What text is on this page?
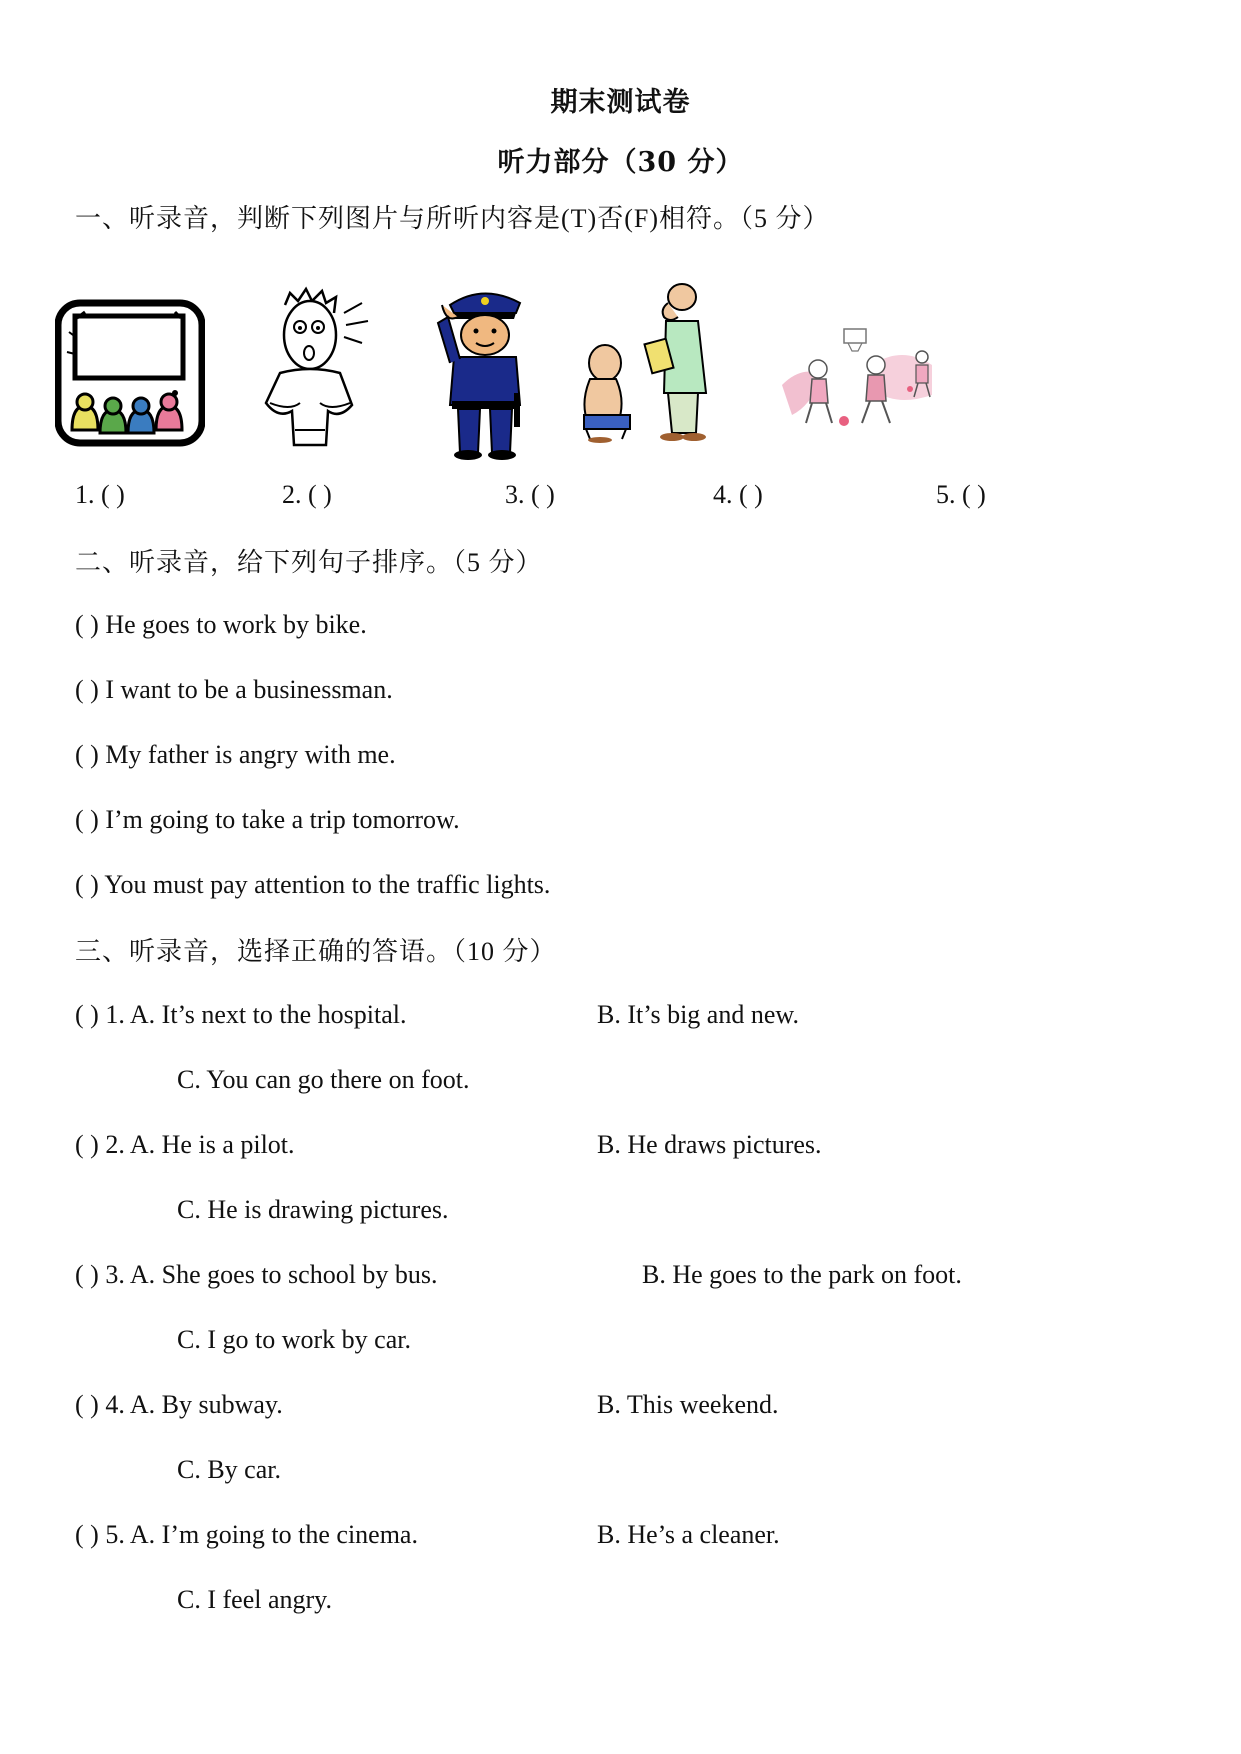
期末测试卷
听力部分（30 分）
一、听录音，判断下列图片与所听内容是(T)否(F)相符。（5 分）
1. ( )	2. ( )	3. ( )	4. ( )	5. ( )
二、听录音，给下列句子排序。（5 分）
( ) He goes to work by bike.
( ) I want to be a businessman.
( ) My father is angry with me.
( ) I’m going to take a trip tomorrow.
( ) You must pay attention to the traffic lights.
三、听录音，选择正确的答语。（10 分）
( ) 1. A. It’s next to the hospital.	B. It’s big and new.
C. You can go there on foot.
( ) 2. A. He is a pilot.	B. He draws pictures.
C. He is drawing pictures.
( ) 3. A. She goes to school by bus.	B. He goes to the park on foot.
C. I go to work by car.
( ) 4. A. By subway.	B. This weekend.
C. By car.
( ) 5. A. I’m going to the cinema.	B. He’s a cleaner.
C. I feel angry.
